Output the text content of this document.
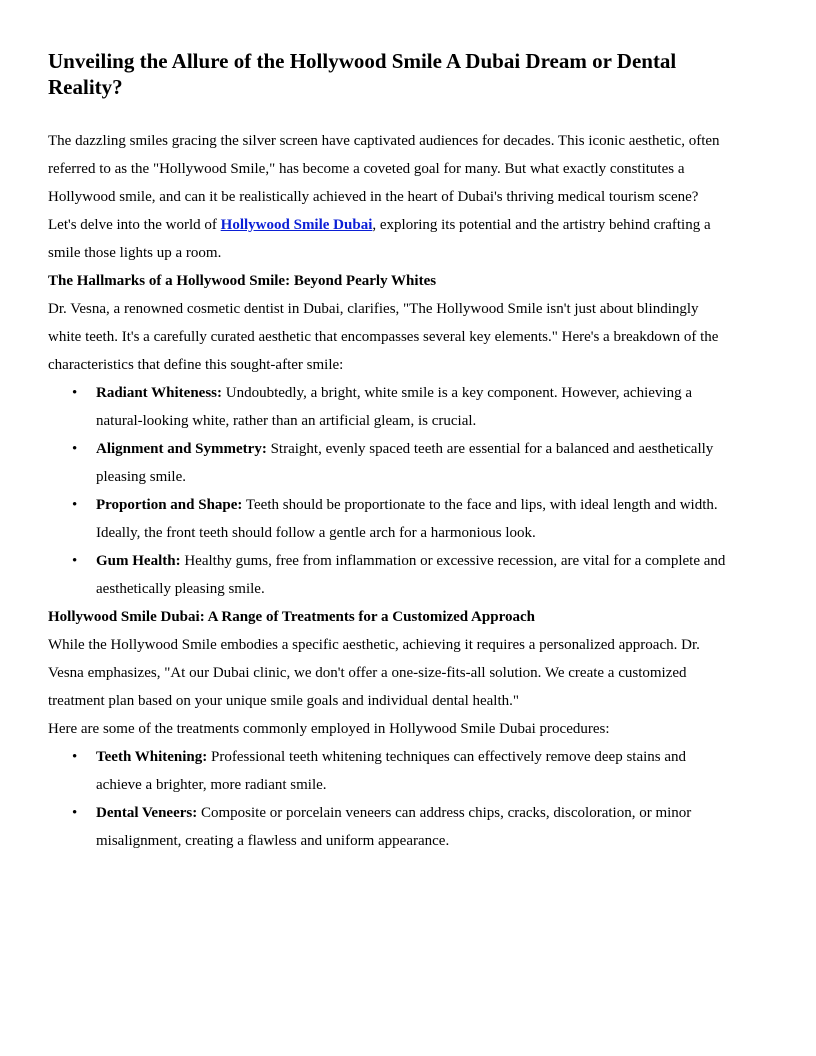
Unveiling the Allure of the Hollywood Smile A Dubai Dream or Dental Reality?

The dazzling smiles gracing the silver screen have captivated audiences for decades. This iconic aesthetic, often referred to as the "Hollywood Smile," has become a coveted goal for many. But what exactly constitutes a Hollywood smile, and can it be realistically achieved in the heart of Dubai's thriving medical tourism scene? Let's delve into the world of Hollywood Smile Dubai, exploring its potential and the artistry behind crafting a smile those lights up a room.

The Hallmarks of a Hollywood Smile: Beyond Pearly Whites

Dr. Vesna, a renowned cosmetic dentist in Dubai, clarifies, "The Hollywood Smile isn't just about blindingly white teeth. It's a carefully curated aesthetic that encompasses several key elements." Here's a breakdown of the characteristics that define this sought-after smile:

• Radiant Whiteness: Undoubtedly, a bright, white smile is a key component. However, achieving a natural-looking white, rather than an artificial gleam, is crucial.
• Alignment and Symmetry: Straight, evenly spaced teeth are essential for a balanced and aesthetically pleasing smile.
• Proportion and Shape: Teeth should be proportionate to the face and lips, with ideal length and width. Ideally, the front teeth should follow a gentle arch for a harmonious look.
• Gum Health: Healthy gums, free from inflammation or excessive recession, are vital for a complete and aesthetically pleasing smile.
Hollywood Smile Dubai: A Range of Treatments for a Customized Approach

While the Hollywood Smile embodies a specific aesthetic, achieving it requires a personalized approach. Dr. Vesna emphasizes, "At our Dubai clinic, we don't offer a one-size-fits-all solution. We create a customized treatment plan based on your unique smile goals and individual dental health."

Here are some of the treatments commonly employed in Hollywood Smile Dubai procedures:

• Teeth Whitening: Professional teeth whitening techniques can effectively remove deep stains and achieve a brighter, more radiant smile.
• Dental Veneers: Composite or porcelain veneers can address chips, cracks, discoloration, or minor misalignment, creating a flawless and uniform appearance.
